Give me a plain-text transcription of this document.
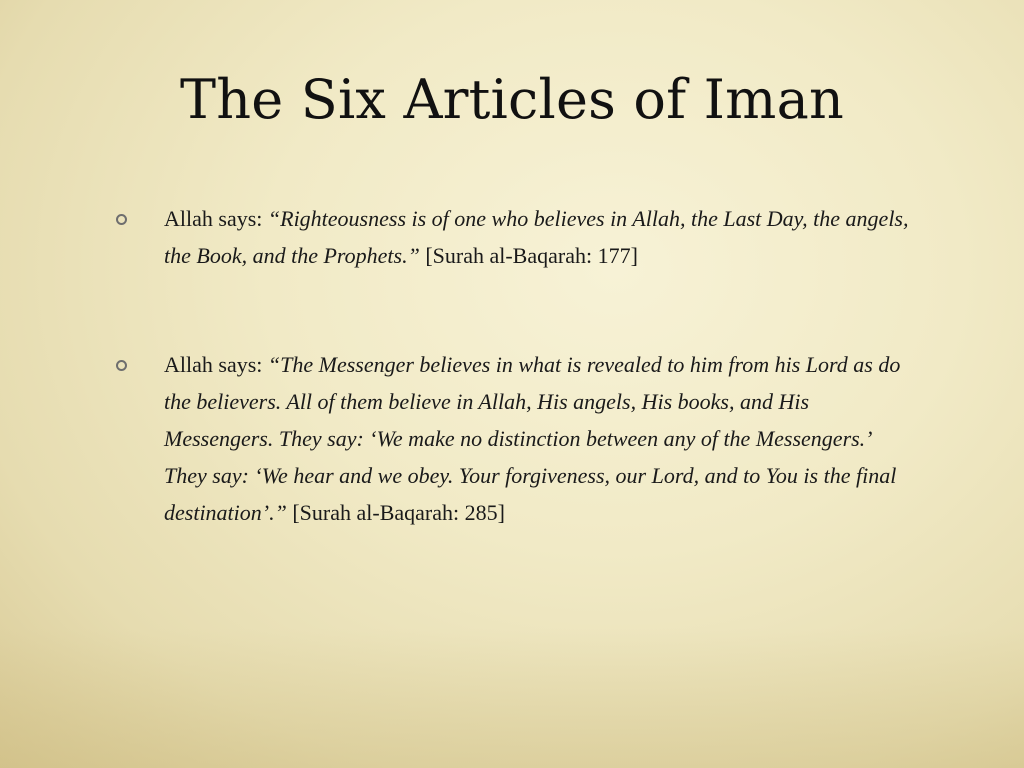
The Six Articles of Iman
Allah says: “Righteousness is of one who believes in Allah, the Last Day, the angels, the Book, and the Prophets.” [Surah al-Baqarah: 177]
Allah says: “The Messenger believes in what is revealed to him from his Lord as do the believers. All of them believe in Allah, His angels, His books, and His Messengers. They say: ‘We make no distinction between any of the Messengers.’ They say: ‘We hear and we obey. Your forgiveness, our Lord, and to You is the final destination’.” [Surah al-Baqarah: 285]
